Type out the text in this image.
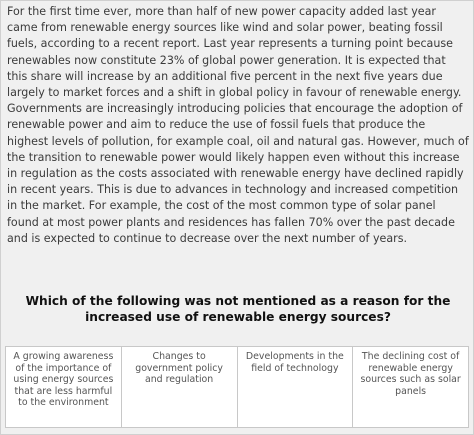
For the first time ever, more than half of new power capacity added last year came from renewable energy sources like wind and solar power, beating fossil fuels, according to a recent report. Last year represents a turning point because renewables now constitute 23% of global power generation. It is expected that this share will increase by an additional five percent in the next five years due largely to market forces and a shift in global policy in favour of renewable energy. Governments are increasingly introducing policies that encourage the adoption of renewable power and aim to reduce the use of fossil fuels that produce the highest levels of pollution, for example coal, oil and natural gas. However, much of the transition to renewable power would likely happen even without this increase in regulation as the costs associated with renewable energy have declined rapidly in recent years. This is due to advances in technology and increased competition in the market. For example, the cost of the most common type of solar panel found at most power plants and residences has fallen 70% over the past decade and is expected to continue to decrease over the next number of years.

Which of the following was not mentioned as a reason for the increased use of renewable energy sources?

A growing awareness of the importance of using energy sources that are less harmful to the environment
Changes to government policy and regulation
Developments in the field of technology
The declining cost of renewable energy sources such as solar panels
